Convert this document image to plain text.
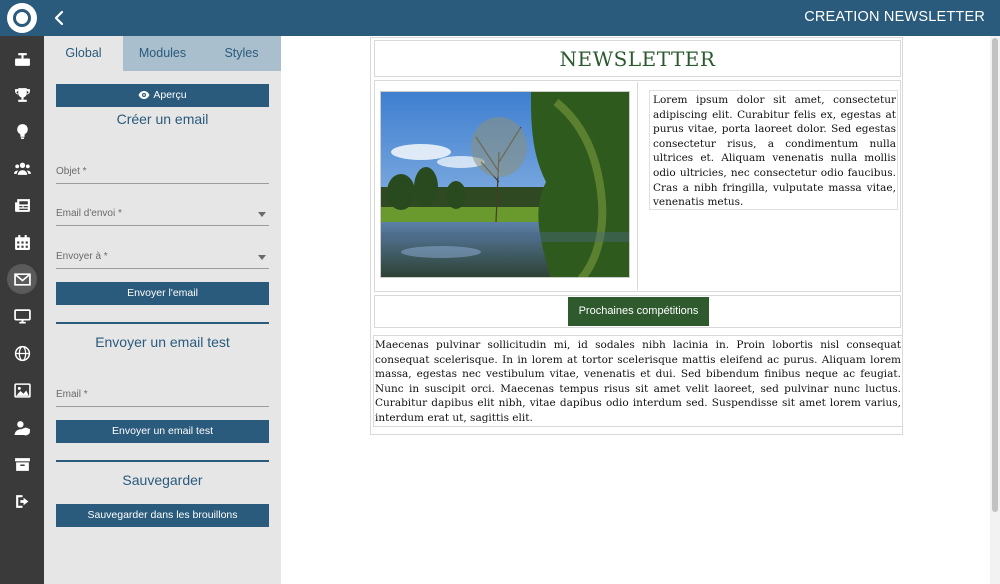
CREATION NEWSLETTER
Global	Modules	Styles
Aperçu
Créer un email
Objet *
Email d'envoi *
Envoyer à *
Envoyer l'email
Envoyer un email test
Email *
Envoyer un email test
Sauvegarder
Sauvegarder dans les brouillons
NEWSLETTER
Lorem ipsum dolor sit amet, consectetur adipiscing elit. Curabitur felis ex, egestas at purus vitae, porta laoreet dolor. Sed egestas consectetur risus, a condimentum nulla ultrices et. Aliquam venenatis nulla mollis odio ultricies, nec consectetur odio faucibus. Cras a nibh fringilla, vulputate massa vitae, venenatis metus.
Prochaines compétitions
Maecenas pulvinar sollicitudin mi, id sodales nibh lacinia in. Proin lobortis nisl consequat consequat scelerisque. In in lorem at tortor scelerisque mattis eleifend ac purus. Aliquam lorem massa, egestas nec vestibulum vitae, venenatis et dui. Sed bibendum finibus neque ac feugiat. Nunc in suscipit orci. Maecenas tempus risus sit amet velit laoreet, sed pulvinar nunc luctus. Curabitur dapibus elit nibh, vitae dapibus odio interdum sed. Suspendisse sit amet lorem varius, interdum erat ut, sagittis elit.
